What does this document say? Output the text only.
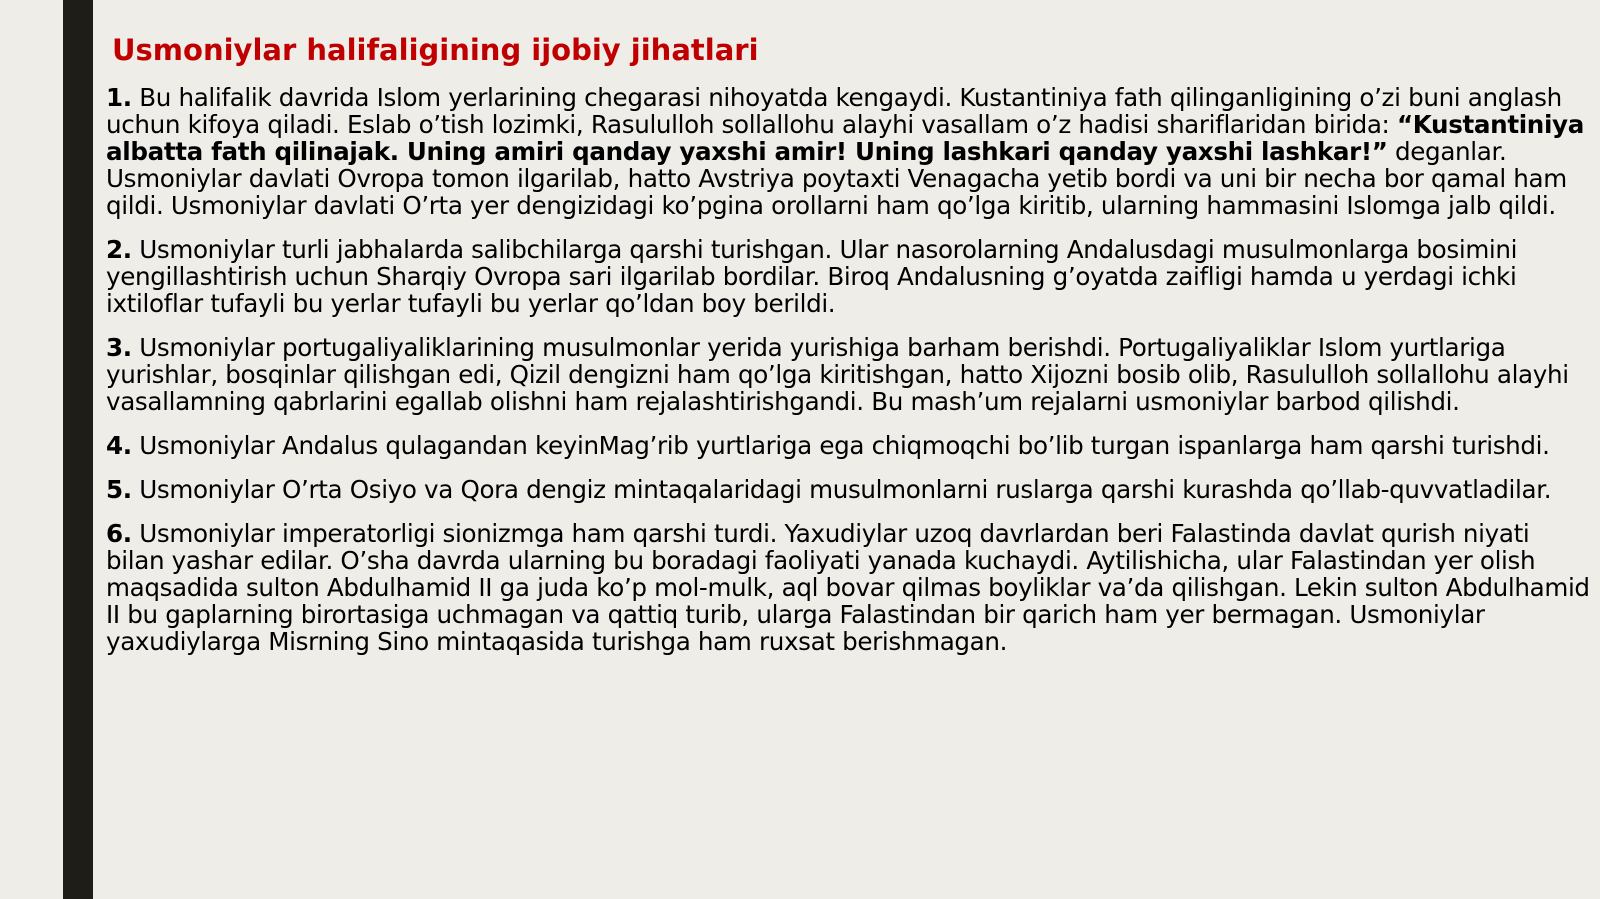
Usmoniylar halifaligining ijobiy jihatlari

1. Bu halifalik davrida Islom yerlarining chegarasi nihoyatda kengaydi. Kustantiniya fath qilinganligining o’zi buni anglash uchun kifoya qiladi. Eslab o’tish lozimki, Rasululloh sollallohu alayhi vasallam o’z hadisi shariflaridan birida: “Kustantiniya albatta fath qilinajak. Uning amiri qanday yaxshi amir! Uning lashkari qanday yaxshi lashkar!” deganlar. Usmoniylar davlati Ovropa tomon ilgarilab, hatto Avstriya poytaxti Venagacha yetib bordi va uni bir necha bor qamal ham qildi. Usmoniylar davlati O’rta yer dengizidagi ko’pgina orollarni ham qo’lga kiritib, ularning hammasini Islomga jalb qildi.

2. Usmoniylar turli jabhalarda salibchilarga qarshi turishgan. Ular nasorolarning Andalusdagi musulmonlarga bosimini yengillashtirish uchun Sharqiy Ovropa sari ilgarilab bordilar. Biroq Andalusning g’oyatda zaifligi hamda u yerdagi ichki ixtiloflar tufayli bu yerlar tufayli bu yerlar qo’ldan boy berildi.

3. Usmoniylar portugaliyaliklarining musulmonlar yerida yurishiga barham berishdi. Portugaliyaliklar Islom yurtlariga yurishlar, bosqinlar qilishgan edi, Qizil dengizni ham qo’lga kiritishgan, hatto Xijozni bosib olib, Rasululloh sollallohu alayhi vasallamning qabrlarini egallab olishni ham rejalashtirishgandi. Bu mash’um rejalarni usmoniylar barbod qilishdi.

4. Usmoniylar Andalus qulagandan keyinMag’rib yurtlariga ega chiqmoqchi bo’lib turgan ispanlarga ham qarshi turishdi.

5. Usmoniylar O’rta Osiyo va Qora dengiz mintaqalaridagi musulmonlarni ruslarga qarshi kurashda qo’llab-quvvatladilar.

6. Usmoniylar imperatorligi sionizmga ham qarshi turdi. Yaxudiylar uzoq davrlardan beri Falastinda davlat qurish niyati bilan yashar edilar. O’sha davrda ularning bu boradagi faoliyati yanada kuchaydi. Aytilishicha, ular Falastindan yer olish maqsadida sulton Abdulhamid II ga juda ko’p mol-mulk, aql bovar qilmas boyliklar va’da qilishgan. Lekin sulton Abdulhamid II bu gaplarning birortasiga uchmagan va qattiq turib, ularga Falastindan bir qarich ham yer bermagan. Usmoniylar yaxudiylarga Misrning Sino mintaqasida turishga ham ruxsat berishmagan.
